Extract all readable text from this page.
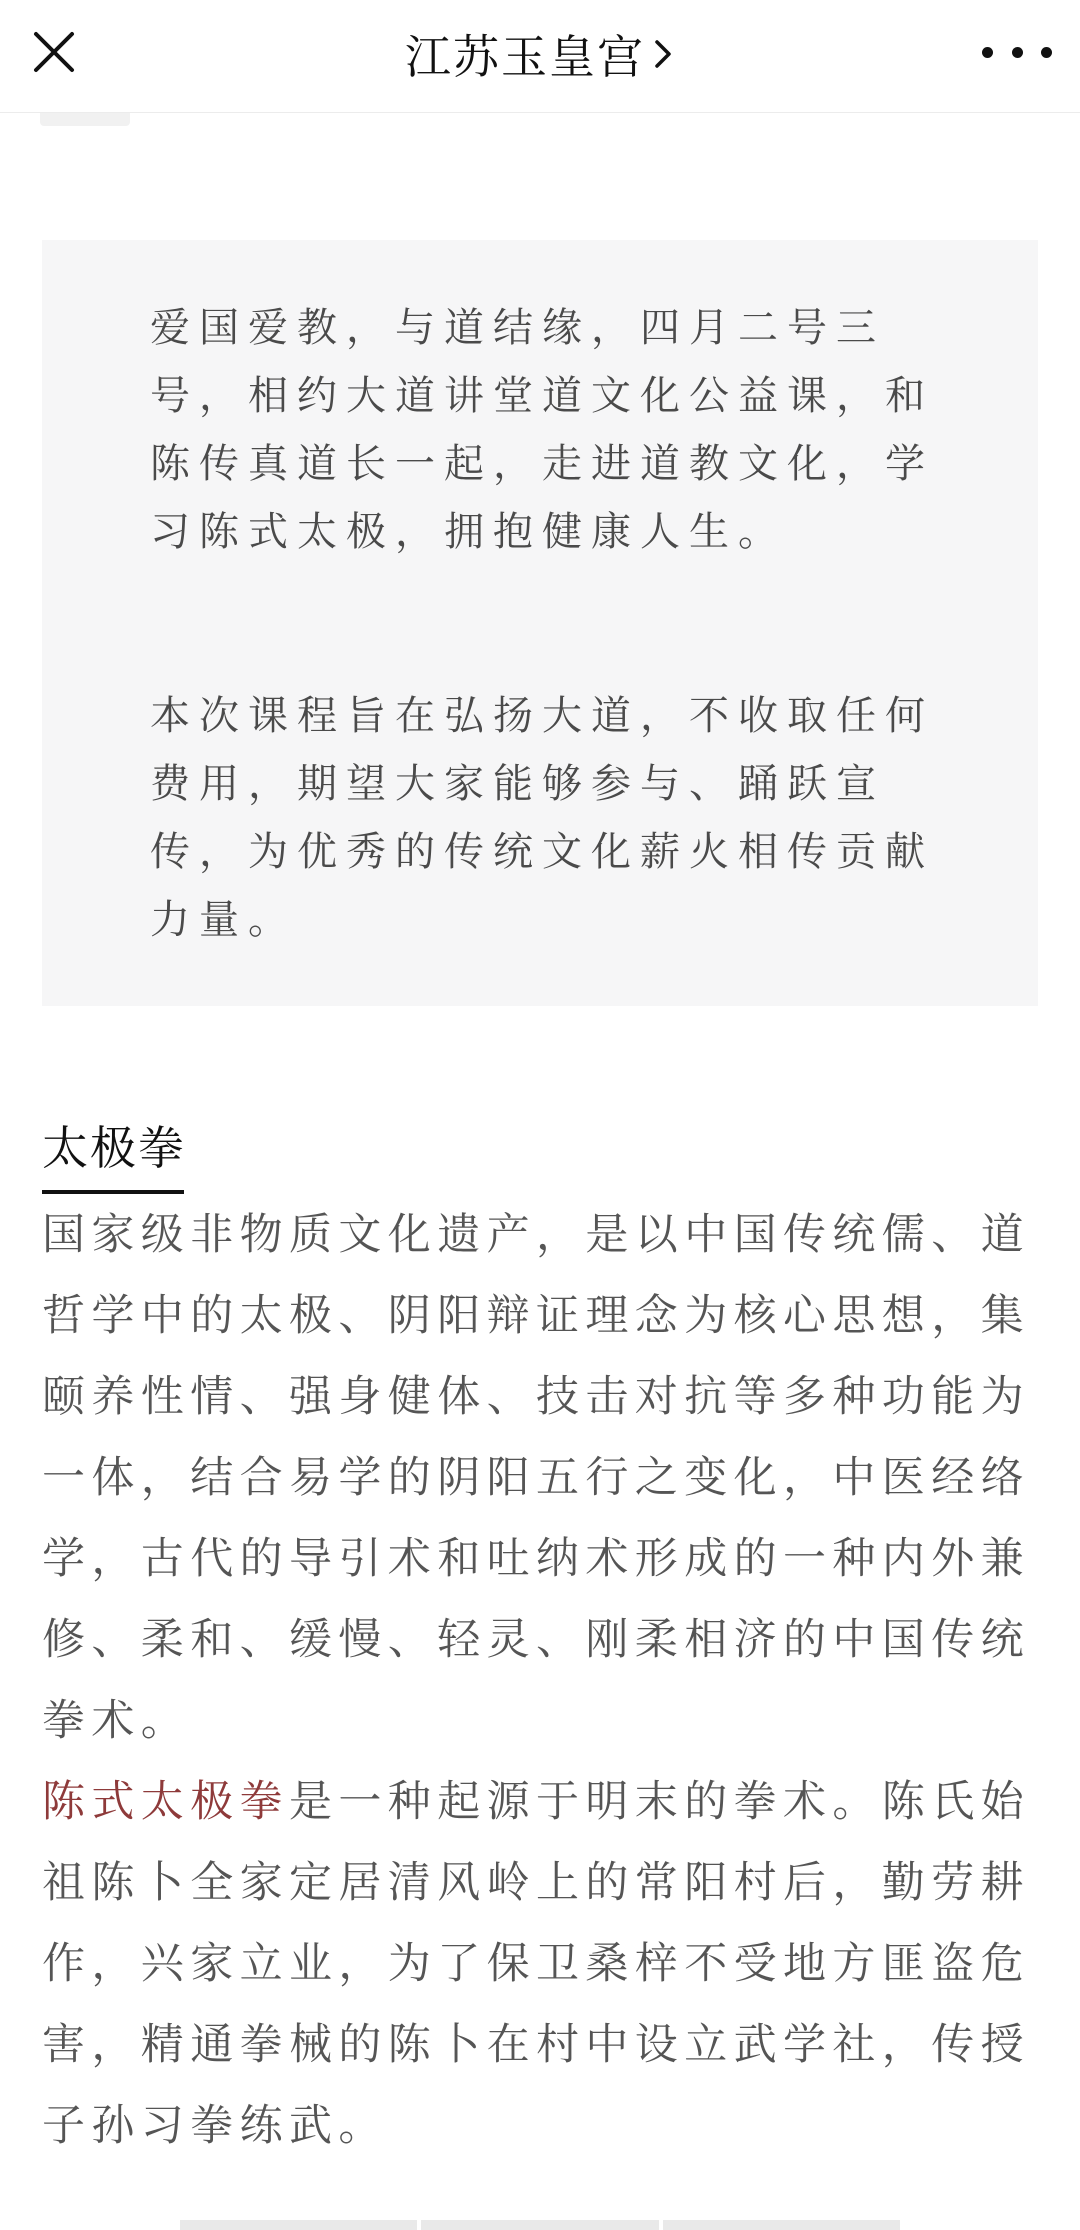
江苏玉皇宫

爱国爱教，与道结缘，四月二号三号，相约大道讲堂道文化公益课，和陈传真道长一起，走进道教文化，学习陈式太极，拥抱健康人生。

本次课程旨在弘扬大道，不收取任何费用，期望大家能够参与、踊跃宣传，为优秀的传统文化薪火相传贡献力量。

太极拳

国家级非物质文化遗产，是以中国传统儒、道哲学中的太极、阴阳辩证理念为核心思想，集颐养性情、强身健体、技击对抗等多种功能为一体，结合易学的阴阳五行之变化，中医经络学，古代的导引术和吐纳术形成的一种内外兼修、柔和、缓慢、轻灵、刚柔相济的中国传统拳术。

陈式太极拳是一种起源于明末的拳术。陈氏始祖陈卜全家定居清风岭上的常阳村后，勤劳耕作，兴家立业，为了保卫桑梓不受地方匪盗危害，精通拳械的陈卜在村中设立武学社，传授子孙习拳练武。
